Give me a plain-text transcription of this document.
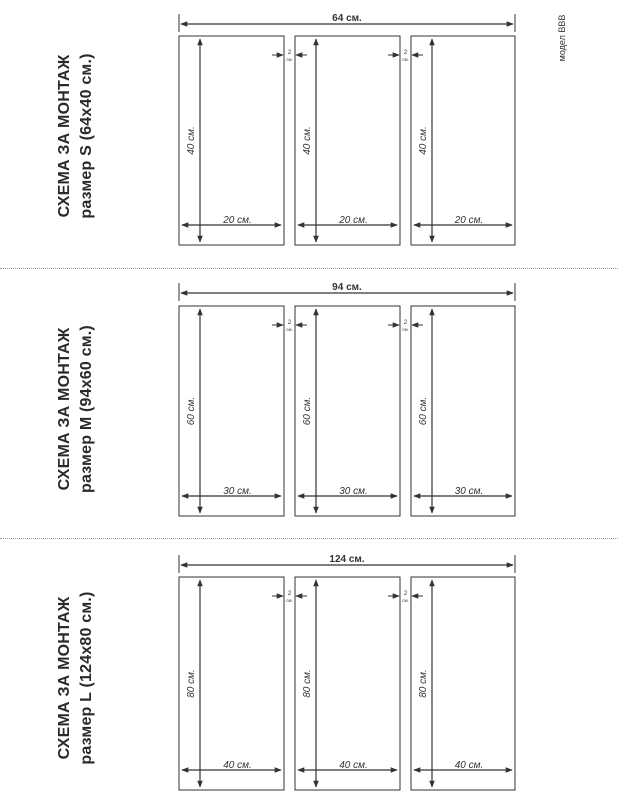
модел BBB
СХЕМА ЗА МОНТАЖ размер S (64x40 см.)
СХЕМА ЗА МОНТАЖ размер M (94x60 см.)
СХЕМА ЗА МОНТАЖ размер L (124x80 см.)
64 см.
40 см.
20 см.
40 см.
20 см.
40 см.
20 см.
2
см.
2
см.
94 см.
60 см.
30 см.
60 см.
30 см.
60 см.
30 см.
2
см.
2
см.
124 см.
80 см.
40 см.
80 см.
40 см.
80 см.
40 см.
2
см.
2
см.
